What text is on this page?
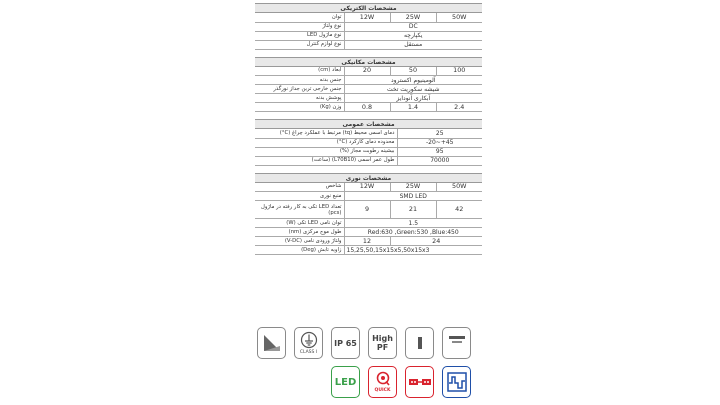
مشخصات الکتریکی
توان	12W	25W	50W
نوع ولتاژ	DC		
نوع ماژول LED	یکپارچه		
نوع لوازم کنترل	مستقل		
مشخصات مکانیکی
ابعاد (cm)	20	50	100
جنس بدنه	آلومینیوم اکسترود		
جنس خارجی ترین جداز نورگذر	شیشه سکوریت تخت		
پوشش بدنه	آبکاری آنودایز		
وزن (Kg)	0.8	1.4	2.4
مشخصات عمومی
دمای اسمی محیط (tq) مرتبط با عملکرد چراغ (C°)	25
محدوده دمای کارکرد (C°)	-20~+45
بیشینه رطوبت مجاز (%)	95
طول عمر اسمی (L70B10) (ساعت)	70000
مشخصات نوری
شاخص	12W	25W	50W
منبع نوری	SMD LED		
تعداد LED تکی به کار رفته در ماژول (pcs)	9	21	42
توان نامی LED تکی (W)	1.5		
طول موج مرکزی (nm)	Red:630 ,Green:530 ,Blue:450		
ولتاژ ورودی نامی (V-DC)	12	24	
زاویه تابش (Deg)	15,25,50,15x15x5,50x15x3		
CLASS I
IP 65 High
PF
LED
QUICK
